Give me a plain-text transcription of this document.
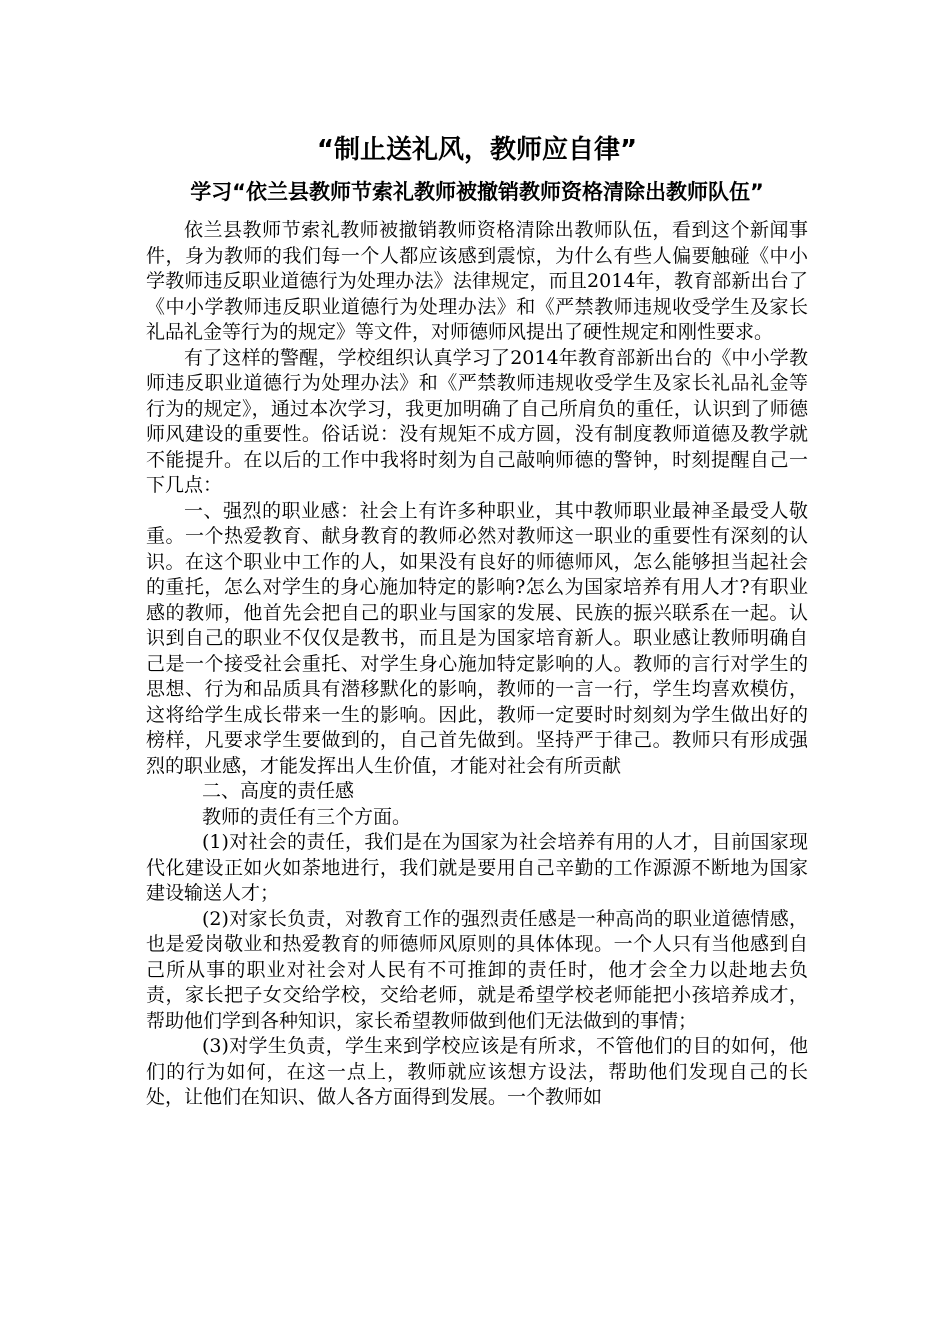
“制止送礼风，教师应自律”
学习“依兰县教师节索礼教师被撤销教师资格清除出教师队伍”

依兰县教师节索礼教师被撤销教师资格清除出教师队伍，看到这个新闻事件，身为教师的我们每一个人都应该感到震惊，为什么有些人偏要触碰《中小学教师违反职业道德行为处理办法》法律规定，而且2014年，教育部新出台了《中小学教师违反职业道德行为处理办法》和《严禁教师违规收受学生及家长礼品礼金等行为的规定》等文件，对师德师风提出了硬性规定和刚性要求。

有了这样的警醒，学校组织认真学习了2014年教育部新出台的《中小学教师违反职业道德行为处理办法》和《严禁教师违规收受学生及家长礼品礼金等行为的规定》，通过本次学习，我更加明确了自己所肩负的重任，认识到了师德师风建设的重要性。俗话说：没有规矩不成方圆，没有制度教师道德及教学就不能提升。在以后的工作中我将时刻为自己敲响师德的警钟，时刻提醒自己一下几点：

一、强烈的职业感：社会上有许多种职业，其中教师职业最神圣最受人敬重。一个热爱教育、献身教育的教师必然对教师这一职业的重要性有深刻的认识。在这个职业中工作的人，如果没有良好的师德师风，怎么能够担当起社会的重托，怎么对学生的身心施加特定的影响?怎么为国家培养有用人才?有职业感的教师，他首先会把自己的职业与国家的发展、民族的振兴联系在一起。认识到自己的职业不仅仅是教书，而且是为国家培育新人。职业感让教师明确自己是一个接受社会重托、对学生身心施加特定影响的人。教师的言行对学生的思想、行为和品质具有潜移默化的影响，教师的一言一行，学生均喜欢模仿，这将给学生成长带来一生的影响。因此，教师一定要时时刻刻为学生做出好的榜样，凡要求学生要做到的，自己首先做到。坚持严于律己。教师只有形成强烈的职业感，才能发挥出人生价值，才能对社会有所贡献

二、高度的责任感

教师的责任有三个方面。

(1)对社会的责任，我们是在为国家为社会培养有用的人才，目前国家现代化建设正如火如荼地进行，我们就是要用自己辛勤的工作源源不断地为国家建设输送人才；

(2)对家长负责，对教育工作的强烈责任感是一种高尚的职业道德情感，也是爱岗敬业和热爱教育的师德师风原则的具体体现。一个人只有当他感到自己所从事的职业对社会对人民有不可推卸的责任时，他才会全力以赴地去负责，家长把子女交给学校，交给老师，就是希望学校老师能把小孩培养成才，帮助他们学到各种知识，家长希望教师做到他们无法做到的事情；

(3)对学生负责，学生来到学校应该是有所求，不管他们的目的如何，他们的行为如何，在这一点上，教师就应该想方设法，帮助他们发现自己的长处，让他们在知识、做人各方面得到发展。一个教师如
